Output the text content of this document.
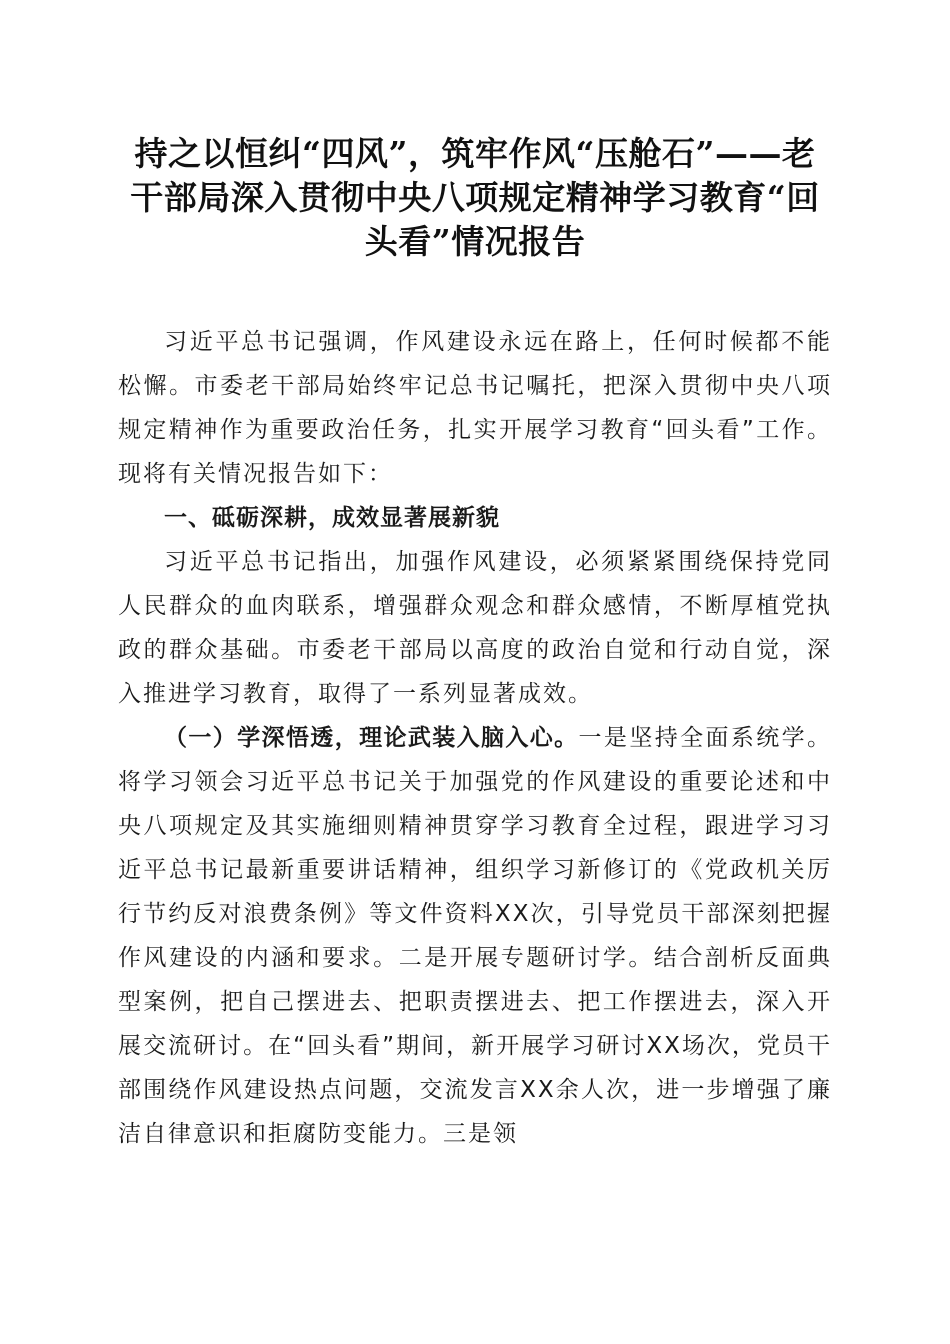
持之以恒纠“四风”，筑牢作风“压舱石”——老干部局深入贯彻中央八项规定精神学习教育“回头看”情况报告

习近平总书记强调，作风建设永远在路上，任何时候都不能松懈。市委老干部局始终牢记总书记嘱托，把深入贯彻中央八项规定精神作为重要政治任务，扎实开展学习教育“回头看”工作。现将有关情况报告如下：

一、砥砺深耕，成效显著展新貌

习近平总书记指出，加强作风建设，必须紧紧围绕保持党同人民群众的血肉联系，增强群众观念和群众感情，不断厚植党执政的群众基础。市委老干部局以高度的政治自觉和行动自觉，深入推进学习教育，取得了一系列显著成效。

（一）学深悟透，理论武装入脑入心。一是坚持全面系统学。将学习领会习近平总书记关于加强党的作风建设的重要论述和中央八项规定及其实施细则精神贯穿学习教育全过程，跟进学习习近平总书记最新重要讲话精神，组织学习新修订的《党政机关厉行节约反对浪费条例》等文件资料XX次，引导党员干部深刻把握作风建设的内涵和要求。二是开展专题研讨学。结合剖析反面典型案例，把自己摆进去、把职责摆进去、把工作摆进去，深入开展交流研讨。在“回头看”期间，新开展学习研讨XX场次，党员干部围绕作风建设热点问题，交流发言XX余人次，进一步增强了廉洁自律意识和拒腐防变能力。三是领
